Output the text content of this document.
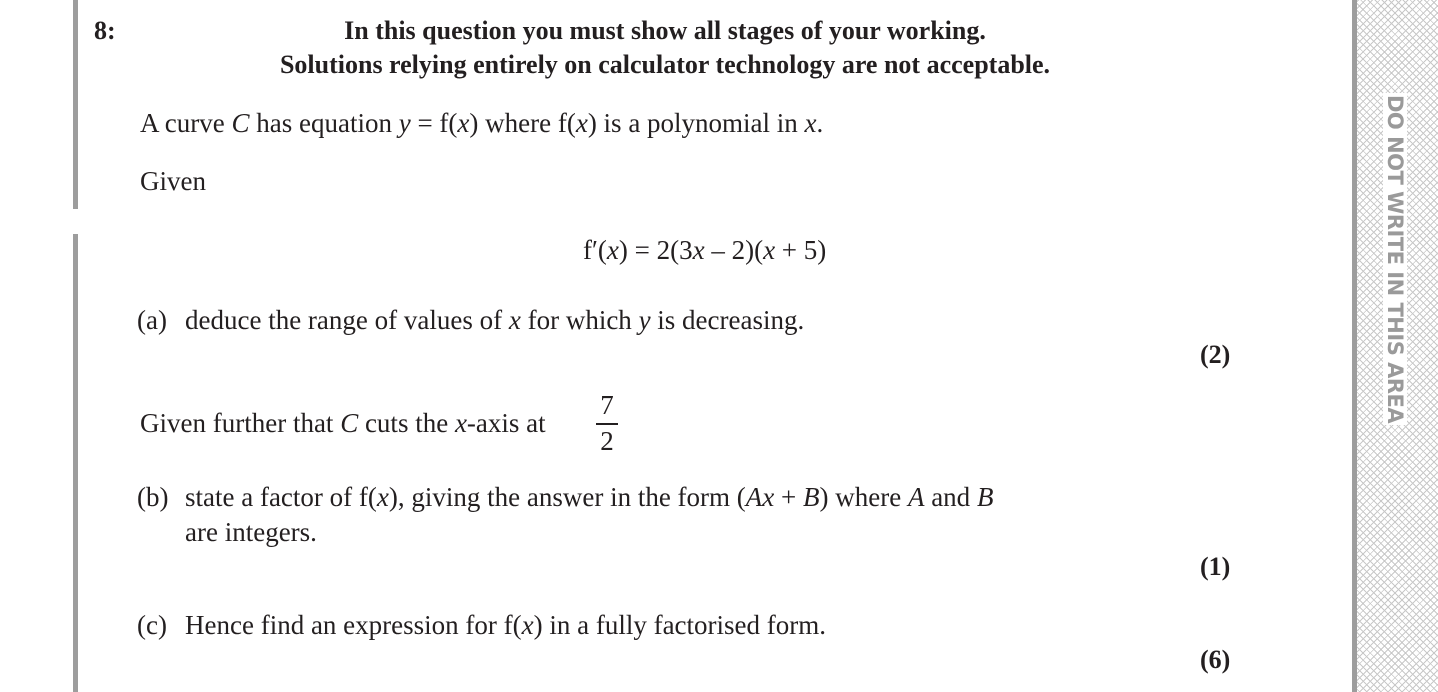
8:	In this question you must show all stages of your working.
Solutions relying entirely on calculator technology are not acceptable.
A curve C has equation y = f(x) where f(x) is a polynomial in x.
Given
f′(x) = 2(3x – 2)(x + 5)
(a) deduce the range of values of x for which y is decreasing.
(2)
Given further that C cuts the x-axis at
7
2
(b) state a factor of f(x), giving the answer in the form (Ax + B) where A and B
are integers.
(1)
(c) Hence find an expression for f(x) in a fully factorised form.
(6)
DO NOT WRITE IN THIS AREA
